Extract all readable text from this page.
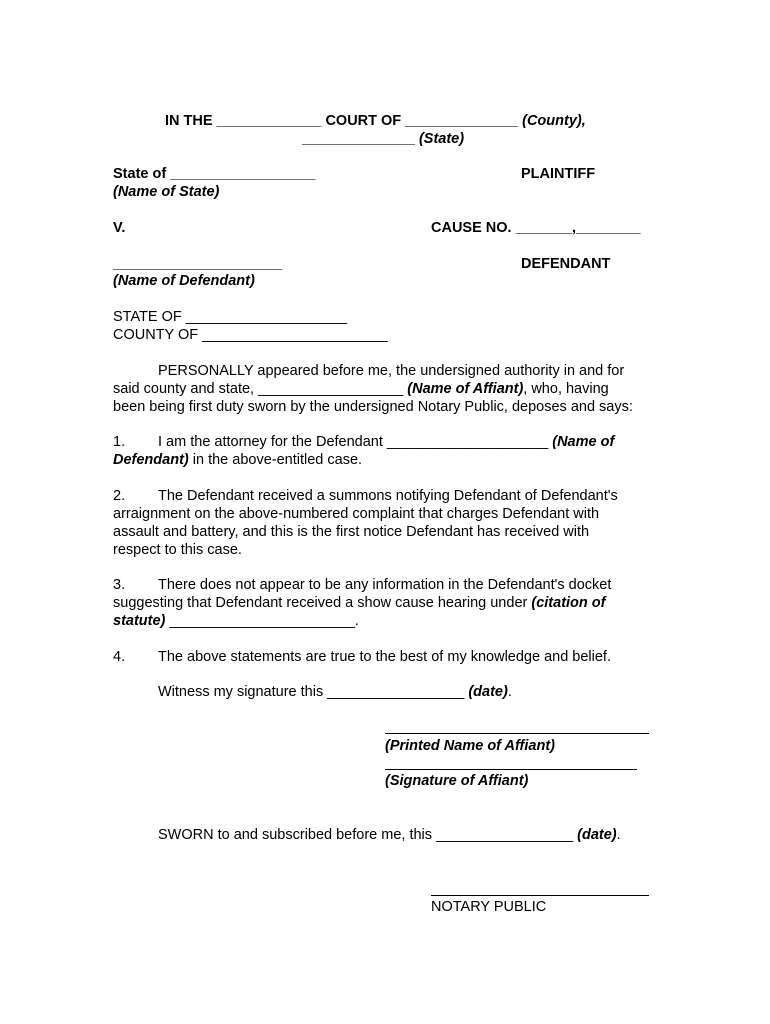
IN THE _____________ COURT OF ______________ (County),
______________ (State)
State of __________________
(Name of State)
PLAINTIFF
V.	CAUSE NO. _______,________
_____________________
(Name of Defendant)
DEFENDANT
STATE OF ____________________
COUNTY OF _______________________
PERSONALLY appeared before me, the undersigned authority in and for
said county and state, __________________ (Name of Affiant), who, having
been being first duty sworn by the undersigned Notary Public, deposes and says:
1. I am the attorney for the Defendant ____________________ (Name of
Defendant) in the above-entitled case.
2. The Defendant received a summons notifying Defendant of Defendant's
arraignment on the above-numbered complaint that charges Defendant with
assault and battery, and this is the first notice Defendant has received with
respect to this case.
3. There does not appear to be any information in the Defendant's docket
suggesting that Defendant received a show cause hearing under (citation of
statute) _______________________.
4. The above statements are true to the best of my knowledge and belief.
Witness my signature this _________________ (date).
(Printed Name of Affiant)
(Signature of Affiant)
SWORN to and subscribed before me, this _________________ (date).
NOTARY PUBLIC
